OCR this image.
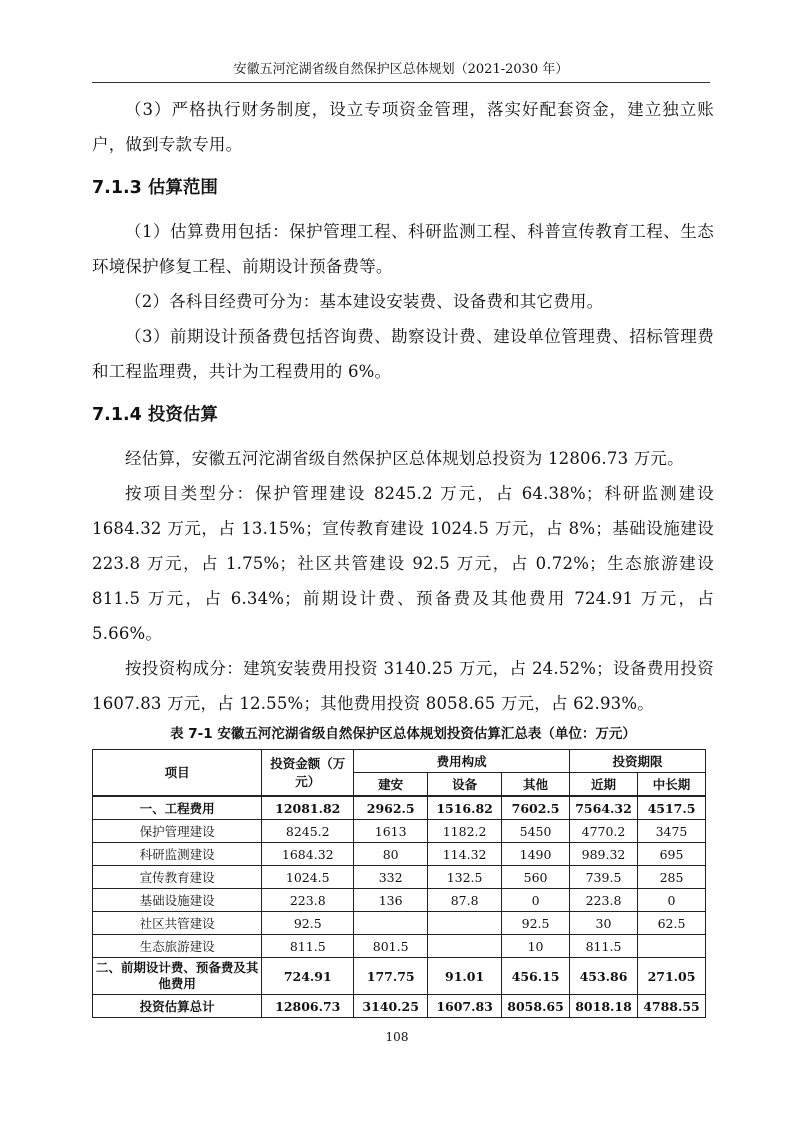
安徽五河沱湖省级自然保护区总体规划（2021-2030 年）

（3）严格执行财务制度，设立专项资金管理，落实好配套资金，建立独立账户，做到专款专用。

7.1.3 估算范围

（1）估算费用包括：保护管理工程、科研监测工程、科普宣传教育工程、生态环境保护修复工程、前期设计预备费等。

（2）各科目经费可分为：基本建设安装费、设备费和其它费用。

（3）前期设计预备费包括咨询费、勘察设计费、建设单位管理费、招标管理费和工程监理费，共计为工程费用的 6%。

7.1.4 投资估算

经估算，安徽五河沱湖省级自然保护区总体规划总投资为 12806.73 万元。

按项目类型分：保护管理建设 8245.2 万元，占 64.38%；科研监测建设 1684.32 万元，占 13.15%；宣传教育建设 1024.5 万元，占 8%；基础设施建设 223.8 万元，占 1.75%；社区共管建设 92.5 万元，占 0.72%；生态旅游建设 811.5 万元，占 6.34%；前期设计费、预备费及其他费用 724.91 万元，占 5.66%。

按投资构成分：建筑安装费用投资 3140.25 万元，占 24.52%；设备费用投资 1607.83 万元，占 12.55%；其他费用投资 8058.65 万元，占 62.93%。

表 7-1 安徽五河沱湖省级自然保护区总体规划投资估算汇总表（单位：万元）
项目	投资金额（万元）	费用构成			投资期限	
		建安	设备	其他	近期	中长期
一、工程费用	12081.82	2962.5	1516.82	7602.5	7564.32	4517.5
保护管理建设	8245.2	1613	1182.2	5450	4770.2	3475
科研监测建设	1684.32	80	114.32	1490	989.32	695
宣传教育建设	1024.5	332	132.5	560	739.5	285
基础设施建设	223.8	136	87.8	0	223.8	0
社区共管建设	92.5			92.5	30	62.5
生态旅游建设	811.5	801.5		10	811.5	
二、前期设计费、预备费及其他费用	724.91	177.75	91.01	456.15	453.86	271.05
投资估算总计	12806.73	3140.25	1607.83	8058.65	8018.18	4788.55
108
